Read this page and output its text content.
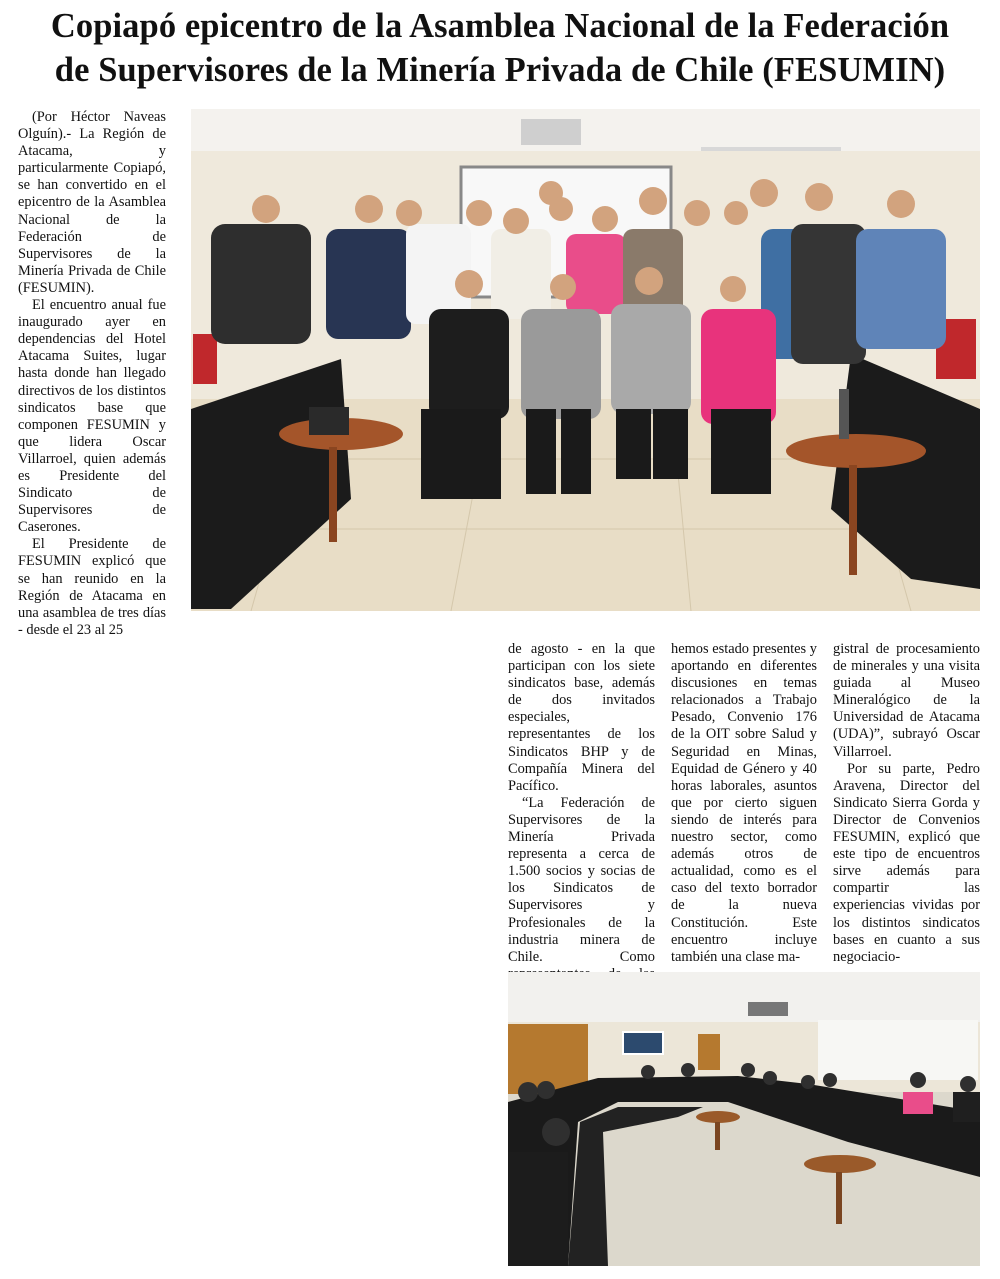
Copiapó epicentro de la Asamblea Nacional de la Federación
de Supervisores de la Minería Privada de Chile (FESUMIN)

(Por Héctor Naveas Olguín).- La Región de Atacama, y particularmente Copiapó, se han convertido en el epicentro de la Asamblea Nacional de la Federación de Supervisores de la Minería Privada de Chile (FESUMIN).

El encuentro anual fue inaugurado ayer en dependencias del Hotel Atacama Suites, lugar hasta donde han llegado directivos de los distintos sindicatos base que componen FESUMIN y que lidera Oscar Villarroel, quien además es Presidente del Sindicato de Supervisores de Caserones.

El Presidente de FESUMIN explicó que se han reunido en la Región de Atacama en una asamblea de tres días - desde el 23 al 25

de agosto - en la que participan con los siete sindicatos base, además de dos invitados especiales, representantes de los Sindicatos BHP y de Compañía Minera del Pacífico.

“La Federación de Supervisores de la Minería Privada representa a cerca de 1.500 socios y socias de los Sindicatos de Supervisores y Profesionales de la industria minera de Chile. Como

hemos estado presentes y aportando en diferentes discusiones en temas relacionados a Trabajo Pesado, Convenio 176 de la OIT sobre Salud y Seguridad en Minas, Equidad de Género y 40 horas laborales, asuntos que por cierto siguen siendo de interés para nuestro sector, como además otros de actualidad, como es el caso del texto borrador de la nueva Constitución. Este encuentro incluye también una clase ma-

gistral de procesamiento de minerales y una visita guiada al Museo Mineralógico de la Universidad de Atacama (UDA)”, subrayó Oscar Villarroel.

Por su parte, Pedro Aravena, Director del Sindicato Sierra Gorda y Director de Convenios FESUMIN, explicó que este tipo de encuentros sirve además para compartir las experiencias vividas por los distintos sindicatos bases en cuanto a sus negociacio-
